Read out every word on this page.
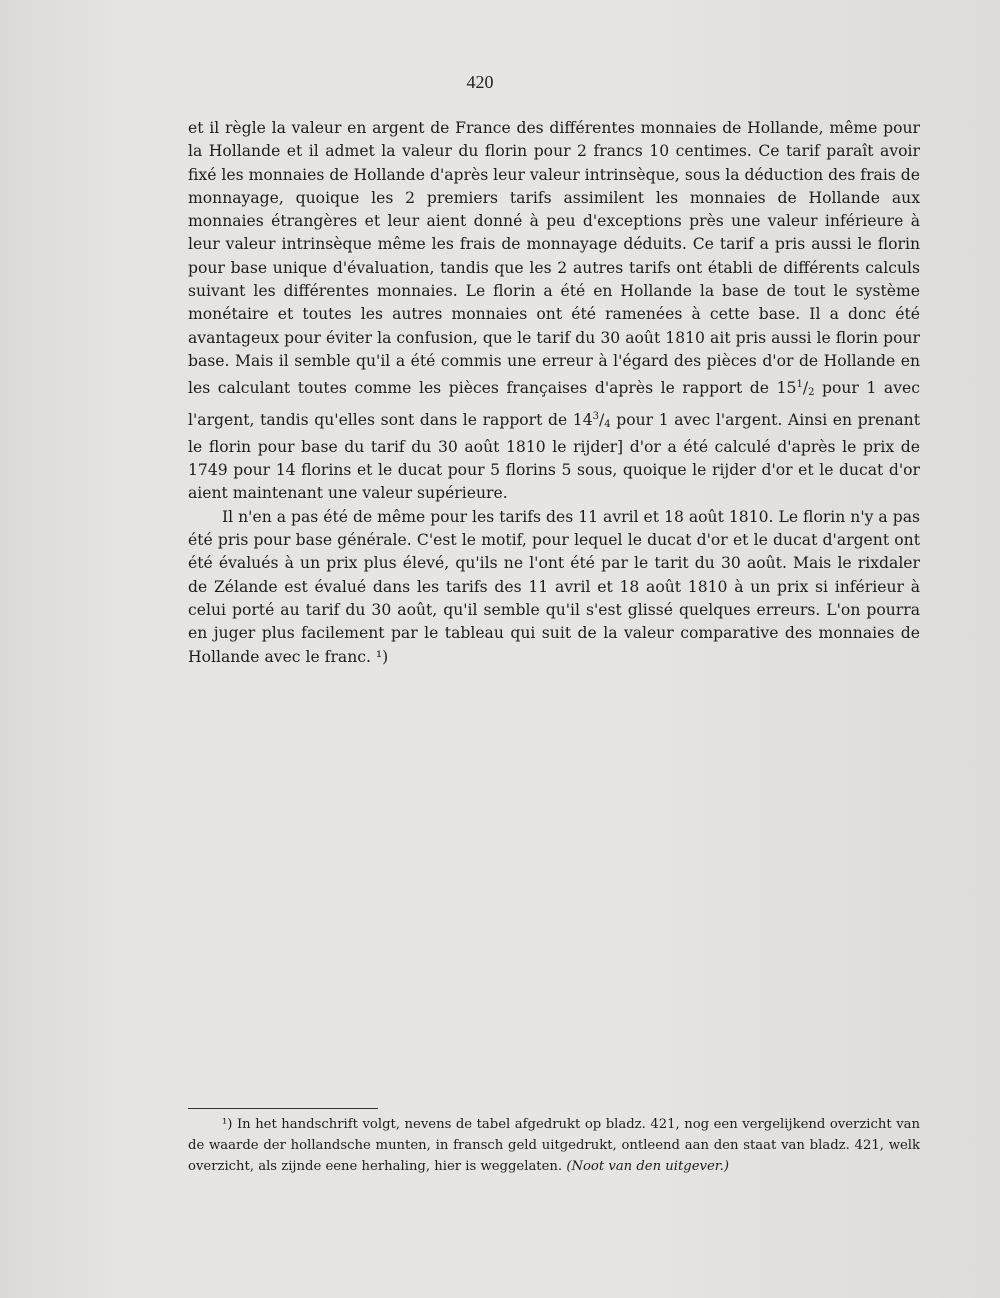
420

et il règle la valeur en argent de France des différentes monnaies de Hollande, même pour la Hollande et il admet la valeur du florin pour 2 francs 10 centimes. Ce tarif paraît avoir fixé les monnaies de Hollande d'après leur valeur intrinsèque, sous la déduction des frais de monnayage, quoique les 2 premiers tarifs assimilent les monnaies de Hollande aux monnaies étrangères et leur aient donné à peu d'exceptions près une valeur inférieure à leur valeur intrinsèque même les frais de monnayage déduits. Ce tarif a pris aussi le florin pour base unique d'évaluation, tandis que les 2 autres tarifs ont établi de différents calculs suivant les différentes monnaies. Le florin a été en Hollande la base de tout le système monétaire et toutes les autres monnaies ont été ramenées à cette base. Il a donc été avantageux pour éviter la confusion, que le tarif du 30 août 1810 ait pris aussi le florin pour base. Mais il semble qu'il a été commis une erreur à l'égard des pièces d'or de Hollande en les calculant toutes comme les pièces françaises d'après le rapport de $15^1/_2$ pour 1 avec l'argent, tandis qu'elles sont dans le rapport de $14^3/_4$ pour 1 avec l'argent. Ainsi en prenant le florin pour base du tarif du 30 août 1810 le rijder] d'or a été calculé d'après le prix de 1749 pour 14 florins et le ducat pour 5 florins 5 sous, quoique le rijder d'or et le ducat d'or aient maintenant une valeur supérieure.

Il n'en a pas été de même pour les tarifs des 11 avril et 18 août 1810. Le florin n'y a pas été pris pour base générale. C'est le motif, pour lequel le ducat d'or et le ducat d'argent ont été évalués à un prix plus élevé, qu'ils ne l'ont été par le tarit du 30 août. Mais le rixdaler de Zélande est évalué dans les tarifs des 11 avril et 18 août 1810 à un prix si inférieur à celui porté au tarif du 30 août, qu'il semble qu'il s'est glissé quelques erreurs. L'on pourra en juger plus facilement par le tableau qui suit de la valeur comparative des monnaies de Hollande avec le franc. ¹)

¹) In het handschrift volgt, nevens de tabel afgedrukt op bladz. 421, nog een vergelijkend overzicht van de waarde der hollandsche munten, in fransch geld uitgedrukt, ontleend aan den staat van bladz. 421, welk overzicht, als zijnde eene herhaling, hier is weggelaten. (Noot van den uitgever.)
